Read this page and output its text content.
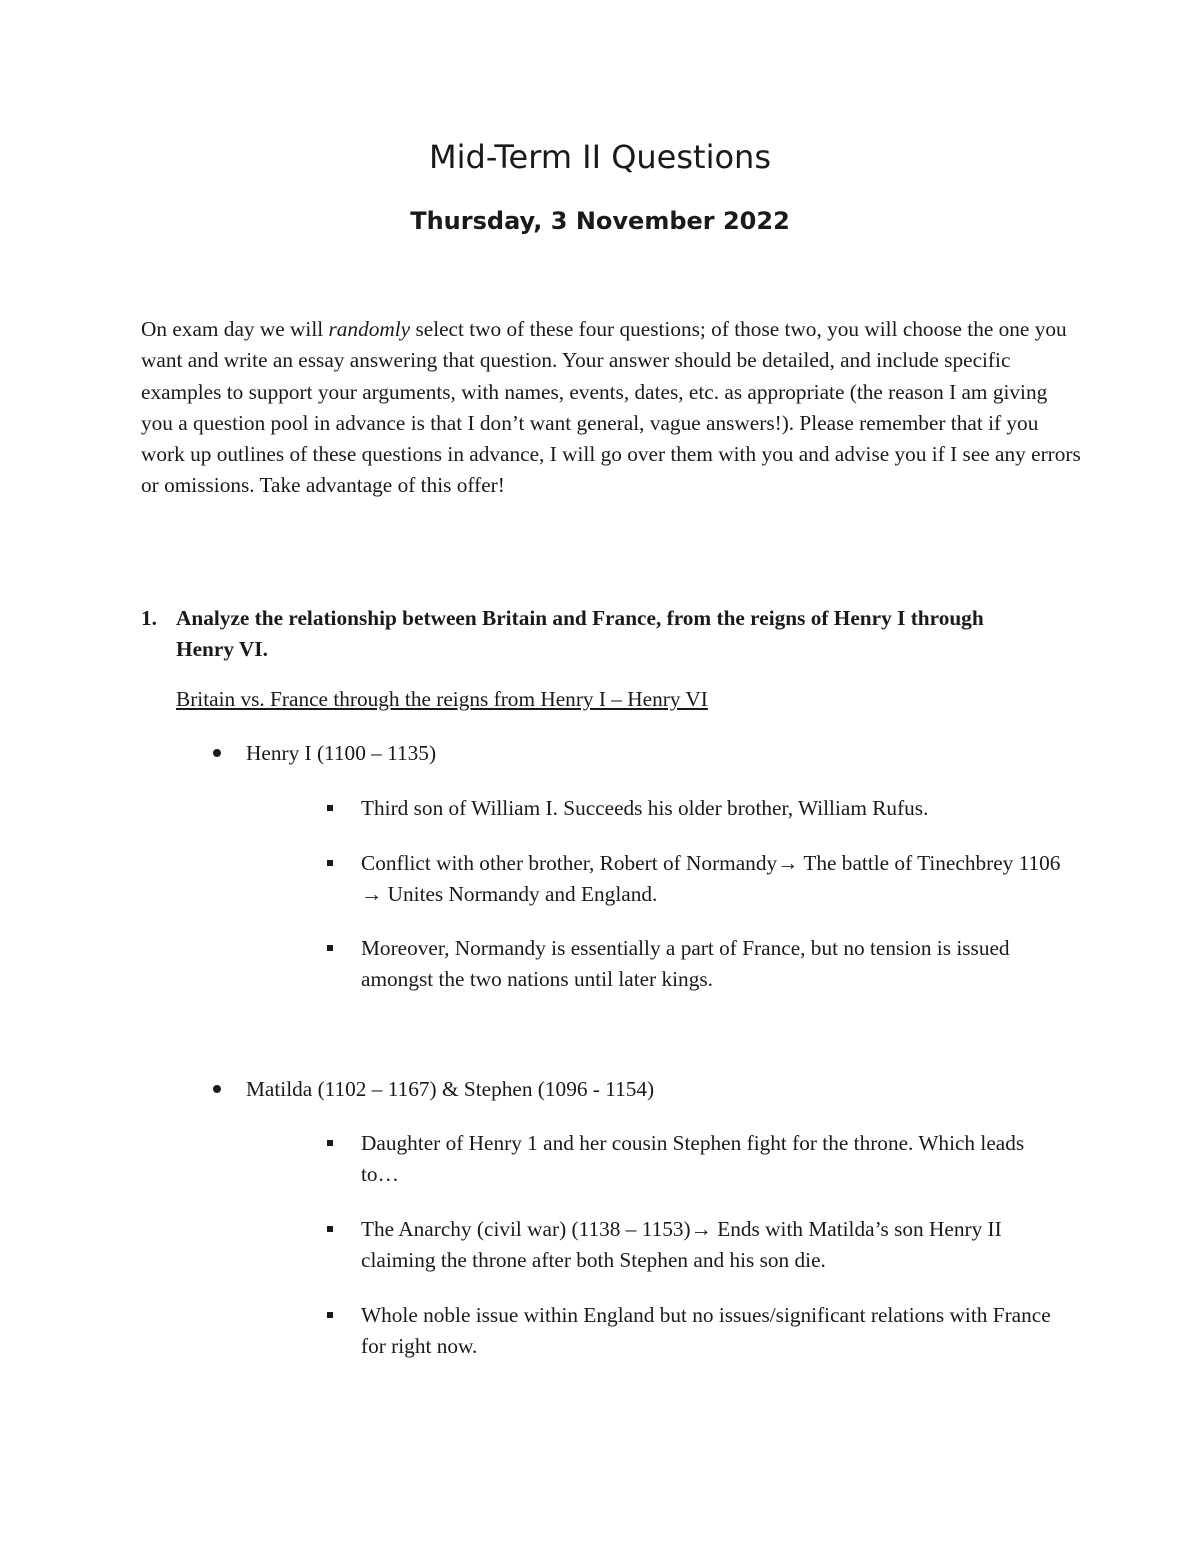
Mid-Term II Questions
Thursday, 3 November 2022

On exam day we will randomly select two of these four questions; of those two, you will choose the one you want and write an essay answering that question. Your answer should be detailed, and include specific examples to support your arguments, with names, events, dates, etc. as appropriate (the reason I am giving you a question pool in advance is that I don’t want general, vague answers!). Please remember that if you work up outlines of these questions in advance, I will go over them with you and advise you if I see any errors or omissions. Take advantage of this offer!

1. Analyze the relationship between Britain and France, from the reigns of Henry I through Henry VI.

Britain vs. France through the reigns from Henry I – Henry VI

Henry I (1100 – 1135)
Third son of William I. Succeeds his older brother, William Rufus.
Conflict with other brother, Robert of Normandy→ The battle of Tinechbrey 1106 → Unites Normandy and England.
Moreover, Normandy is essentially a part of France, but no tension is issued amongst the two nations until later kings.
Matilda (1102 – 1167) & Stephen (1096 - 1154)
Daughter of Henry 1 and her cousin Stephen fight for the throne. Which leads to…
The Anarchy (civil war) (1138 – 1153)→ Ends with Matilda’s son Henry II claiming the throne after both Stephen and his son die.
Whole noble issue within England but no issues/significant relations with France for right now.
